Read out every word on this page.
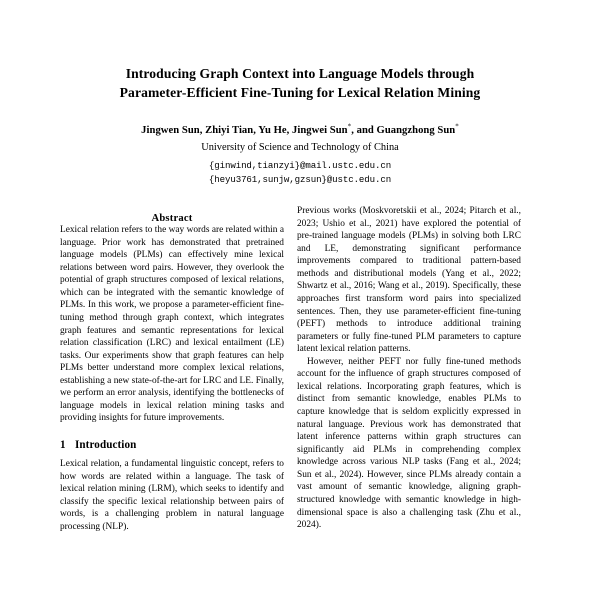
Introducing Graph Context into Language Models through
Parameter-Efficient Fine-Tuning for Lexical Relation Mining
Jingwen Sun, Zhiyi Tian, Yu He, Jingwei Sun*, and Guangzhong Sun*
University of Science and Technology of China
{ginwind,tianzyi}@mail.ustc.edu.cn
{heyu3761,sunjw,gzsun}@ustc.edu.cn
Abstract

Lexical relation refers to the way words are related within a language. Prior work has demonstrated that pretrained language models (PLMs) can effectively mine lexical relations between word pairs. However, they overlook the potential of graph structures composed of lexical relations, which can be integrated with the semantic knowledge of PLMs. In this work, we propose a parameter-efficient fine-tuning method through graph context, which integrates graph features and semantic representations for lexical relation classification (LRC) and lexical entailment (LE) tasks. Our experiments show that graph features can help PLMs better understand more complex lexical relations, establishing a new state-of-the-art for LRC and LE. Finally, we perform an error analysis, identifying the bottlenecks of language models in lexical relation mining tasks and providing insights for future improvements.

1 Introduction

Lexical relation, a fundamental linguistic concept, refers to how words are related within a language. The task of lexical relation mining (LRM), which seeks to identify and classify the specific lexical relationship between pairs of words, is a challenging problem in natural language processing (NLP).

Previous works (Moskvoretskii et al., 2024; Pitarch et al., 2023; Ushio et al., 2021) have explored the potential of pre-trained language models (PLMs) in solving both LRC and LE, demonstrating significant performance improvements compared to traditional pattern-based methods and distributional models (Yang et al., 2022; Shwartz et al., 2016; Wang et al., 2019). Specifically, these approaches first transform word pairs into specialized sentences. Then, they use parameter-efficient fine-tuning (PEFT) methods to introduce additional training parameters or fully fine-tuned PLM parameters to capture latent lexical relation patterns.

However, neither PEFT nor fully fine-tuned methods account for the influence of graph structures composed of lexical relations. Incorporating graph features, which is distinct from semantic knowledge, enables PLMs to capture knowledge that is seldom explicitly expressed in natural language. Previous work has demonstrated that latent inference patterns within graph structures can significantly aid PLMs in comprehending complex knowledge across various NLP tasks (Fang et al., 2024; Sun et al., 2024). However, since PLMs already contain a vast amount of semantic knowledge, aligning graph-structured knowledge with semantic knowledge in high-dimensional space is also a challenging task (Zhu et al., 2024).
